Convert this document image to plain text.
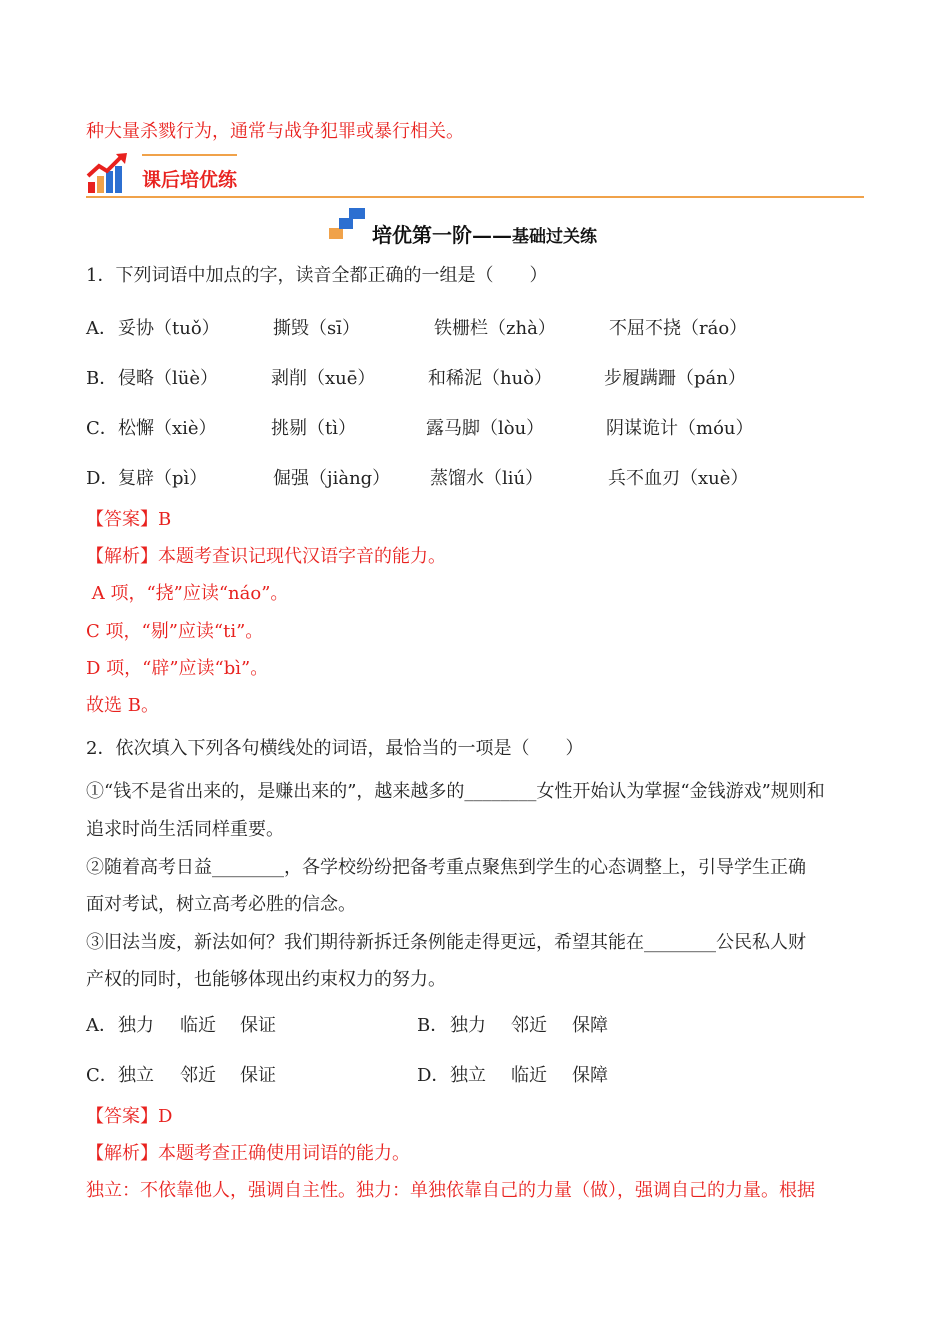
种大量杀戮行为，通常与战争犯罪或暴行相关。
课后培优练
培优第一阶——基础过关练
1．下列词语中加点的字，读音全都正确的一组是（　　）
A． 妥协（tuǒ）	撕毁（sī）	铁栅栏（zhà）	不屈不挠（ráo）
B． 侵略（lüè）	剥削（xuē）	和稀泥（huò）	步履蹒跚（pán）
C． 松懈（xiè）	挑剔（tì）	露马脚（lòu）	阴谋诡计（móu）
D． 复辟（pì）	倔强（jiàng） 蒸馏水（liú）	兵不血刃（xuè）
【答案】B
【解析】本题考查识记现代汉语字音的能力。
A 项，“挠”应读“náo”。
C 项，“剔”应读“ti”。
D 项，“辟”应读“bì”。
故选 B。
2．依次填入下列各句横线处的词语，最恰当的一项是（　　）
①“钱不是省出来的，是赚出来的”，越来越多的________女性开始认为掌握“金钱游戏”规则和
追求时尚生活同样重要。
②随着高考日益________，各学校纷纷把备考重点聚焦到学生的心态调整上，引导学生正确
面对考试，树立高考必胜的信念。
③旧法当废，新法如何？我们期待新拆迁条例能走得更远，希望其能在________公民私人财
产权的同时，也能够体现出约束权力的努力。
A． 独力 临近 保证	B． 独力 邻近 保障
C． 独立 邻近 保证	D． 独立 临近 保障
【答案】D
【解析】本题考查正确使用词语的能力。
独立：不依靠他人，强调自主性。独力：单独依靠自己的力量（做），强调自己的力量。根据
